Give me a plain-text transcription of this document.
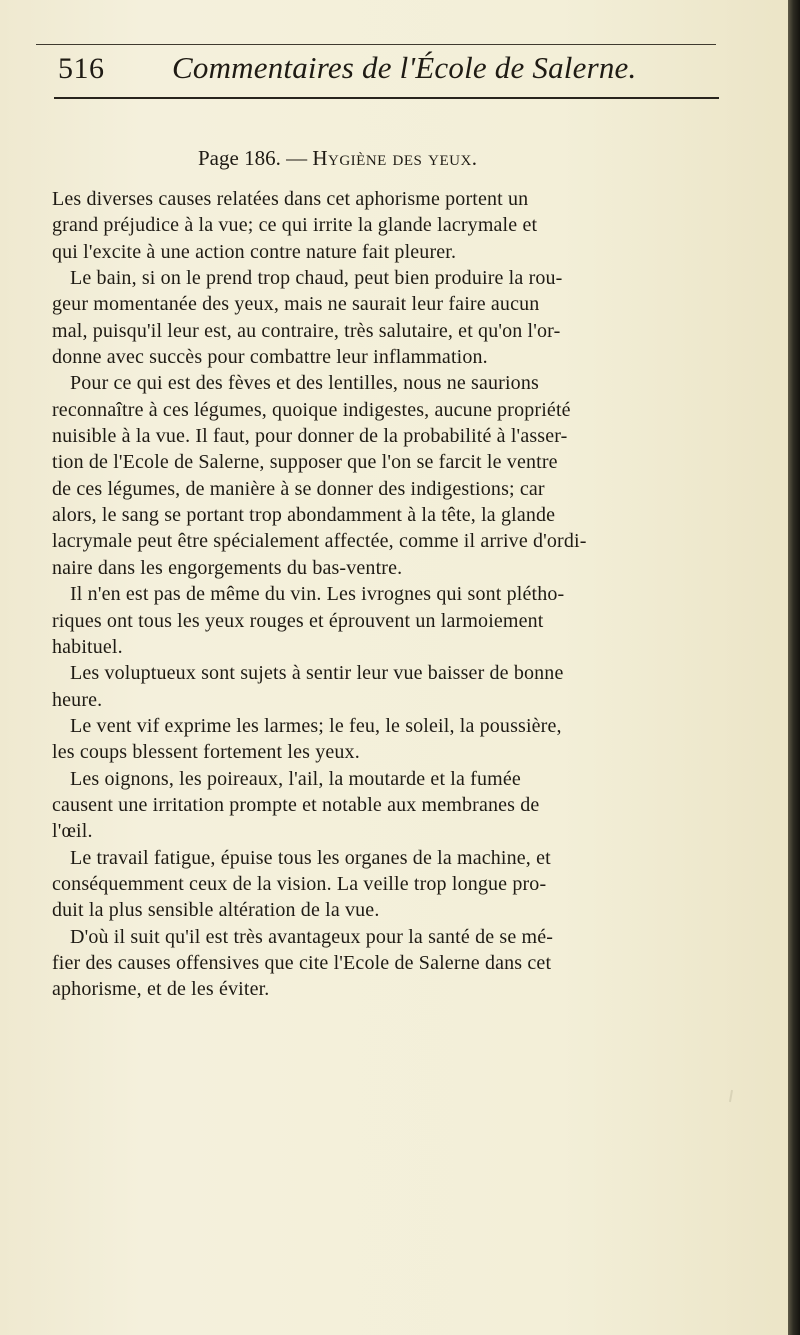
516 Commentaires de l'École de Salerne.
Page 186. — Hygiène des yeux.
Les diverses causes relatées dans cet aphorisme portent un
grand préjudice à la vue; ce qui irrite la glande lacrymale et
qui l'excite à une action contre nature fait pleurer.
Le bain, si on le prend trop chaud, peut bien produire la rou-
geur momentanée des yeux, mais ne saurait leur faire aucun
mal, puisqu'il leur est, au contraire, très salutaire, et qu'on l'or-
donne avec succès pour combattre leur inflammation.
Pour ce qui est des fèves et des lentilles, nous ne saurions
reconnaître à ces légumes, quoique indigestes, aucune propriété
nuisible à la vue. Il faut, pour donner de la probabilité à l'asser-
tion de l'Ecole de Salerne, supposer que l'on se farcit le ventre
de ces légumes, de manière à se donner des indigestions; car
alors, le sang se portant trop abondamment à la tête, la glande
lacrymale peut être spécialement affectée, comme il arrive d'ordi-
naire dans les engorgements du bas-ventre.
Il n'en est pas de même du vin. Les ivrognes qui sont plétho-
riques ont tous les yeux rouges et éprouvent un larmoiement
habituel.
Les voluptueux sont sujets à sentir leur vue baisser de bonne
heure.
Le vent vif exprime les larmes; le feu, le soleil, la poussière,
les coups blessent fortement les yeux.
Les oignons, les poireaux, l'ail, la moutarde et la fumée
causent une irritation prompte et notable aux membranes de
l'œil.
Le travail fatigue, épuise tous les organes de la machine, et
conséquemment ceux de la vision. La veille trop longue pro-
duit la plus sensible altération de la vue.
D'où il suit qu'il est très avantageux pour la santé de se mé-
fier des causes offensives que cite l'Ecole de Salerne dans cet
aphorisme, et de les éviter.
